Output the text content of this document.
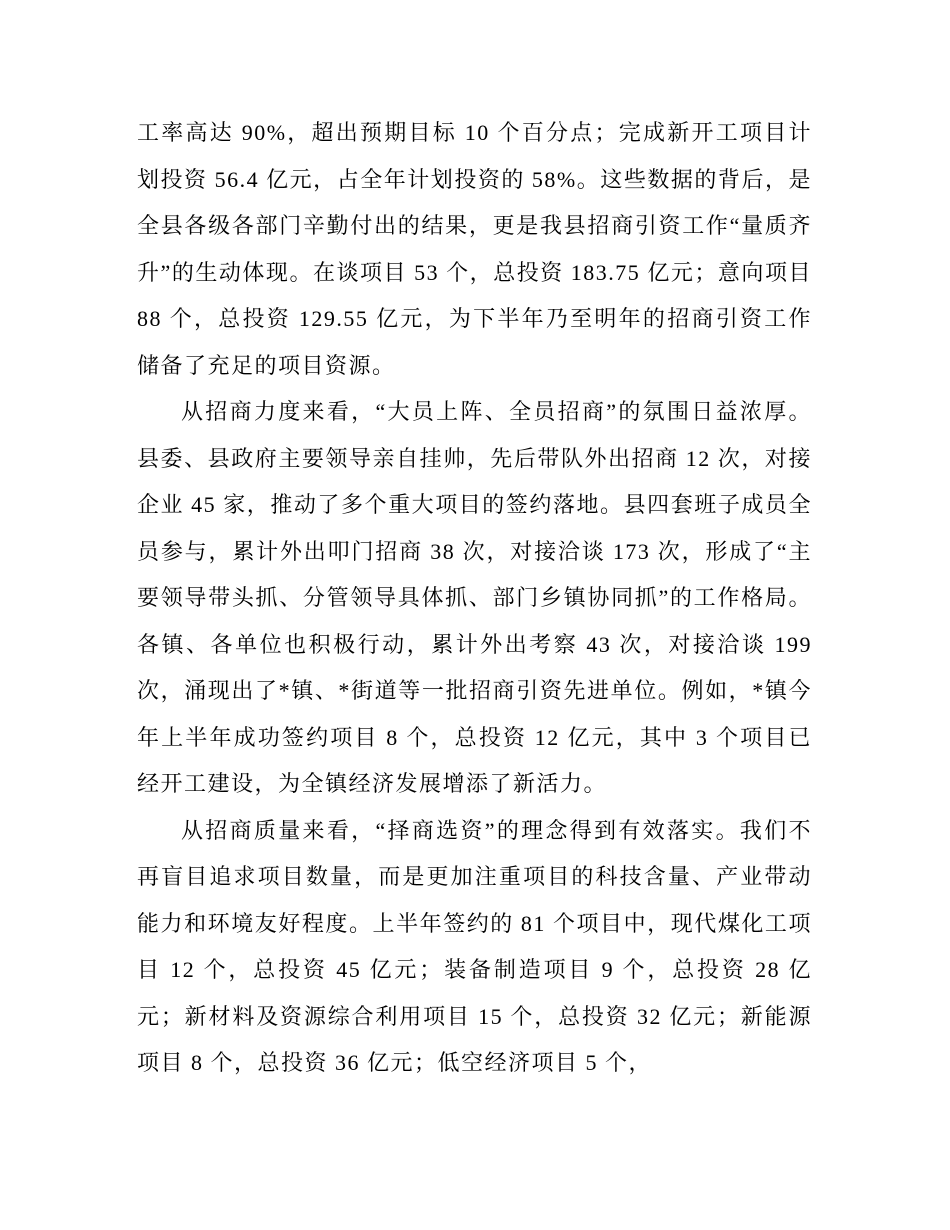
工率高达 90%，超出预期目标 10 个百分点；完成新开工项目计划投资 56.4 亿元，占全年计划投资的 58%。这些数据的背后，是全县各级各部门辛勤付出的结果，更是我县招商引资工作“量质齐升”的生动体现。在谈项目 53 个，总投资 183.75 亿元；意向项目 88 个，总投资 129.55 亿元，为下半年乃至明年的招商引资工作储备了充足的项目资源。

从招商力度来看，“大员上阵、全员招商”的氛围日益浓厚。县委、县政府主要领导亲自挂帅，先后带队外出招商 12 次，对接企业 45 家，推动了多个重大项目的签约落地。县四套班子成员全员参与，累计外出叩门招商 38 次，对接洽谈 173 次，形成了“主要领导带头抓、分管领导具体抓、部门乡镇协同抓”的工作格局。各镇、各单位也积极行动，累计外出考察 43 次，对接洽谈 199 次，涌现出了*镇、*街道等一批招商引资先进单位。例如，*镇今年上半年成功签约项目 8 个，总投资 12 亿元，其中 3 个项目已经开工建设，为全镇经济发展增添了新活力。

从招商质量来看，“择商选资”的理念得到有效落实。我们不再盲目追求项目数量，而是更加注重项目的科技含量、产业带动能力和环境友好程度。上半年签约的 81 个项目中，现代煤化工项目 12 个，总投资 45 亿元；装备制造项目 9 个，总投资 28 亿元；新材料及资源综合利用项目 15 个，总投资 32 亿元；新能源项目 8 个，总投资 36 亿元；低空经济项目 5 个，
